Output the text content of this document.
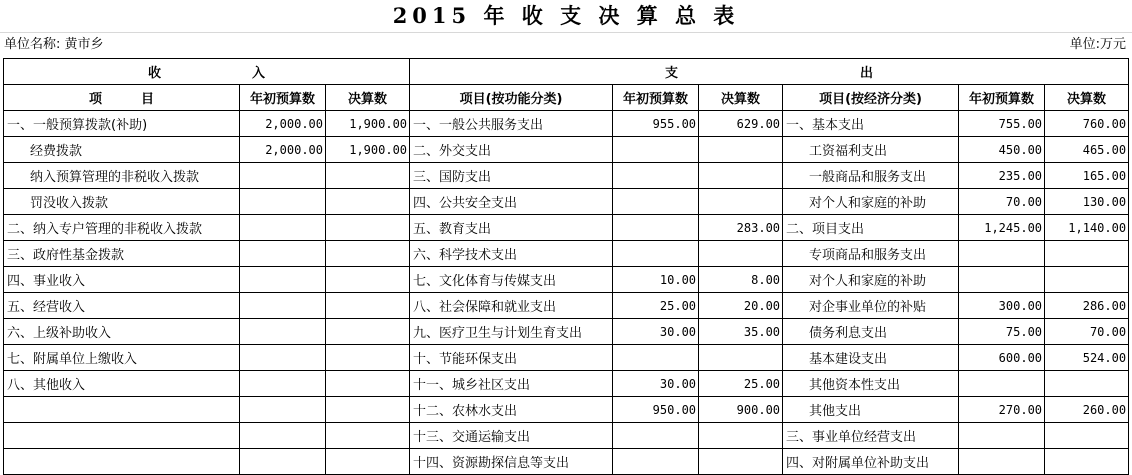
2015 年 收 支 决 算 总 表
单位名称: 黄市乡	单位:万元
收　　　　　　　入			支　　　　　　　　　　　　　　出					
项　　　目	年初预算数	决算数	项目(按功能分类)	年初预算数	决算数	项目(按经济分类)	年初预算数	决算数
一、一般预算拨款(补助)	2,000.00	1,900.00	一、一般公共服务支出	955.00	629.00	一、基本支出	755.00	760.00
经费拨款	2,000.00	1,900.00	二、外交支出			工资福利支出	450.00	465.00
纳入预算管理的非税收入拨款			三、国防支出			一般商品和服务支出	235.00	165.00
罚没收入拨款			四、公共安全支出			对个人和家庭的补助	70.00	130.00
二、纳入专户管理的非税收入拨款			五、教育支出		283.00	二、项目支出	1,245.00	1,140.00
三、政府性基金拨款			六、科学技术支出			专项商品和服务支出		
四、事业收入			七、文化体育与传媒支出	10.00	8.00	对个人和家庭的补助		
五、经营收入			八、社会保障和就业支出	25.00	20.00	对企事业单位的补贴	300.00	286.00
六、上级补助收入			九、医疗卫生与计划生育支出	30.00	35.00	债务利息支出	75.00	70.00
七、附属单位上缴收入			十、节能环保支出			基本建设支出	600.00	524.00
八、其他收入			十一、城乡社区支出	30.00	25.00	其他资本性支出		
			十二、农林水支出	950.00	900.00	其他支出	270.00	260.00
			十三、交通运输支出			三、事业单位经营支出		
			十四、资源勘探信息等支出			四、对附属单位补助支出		
